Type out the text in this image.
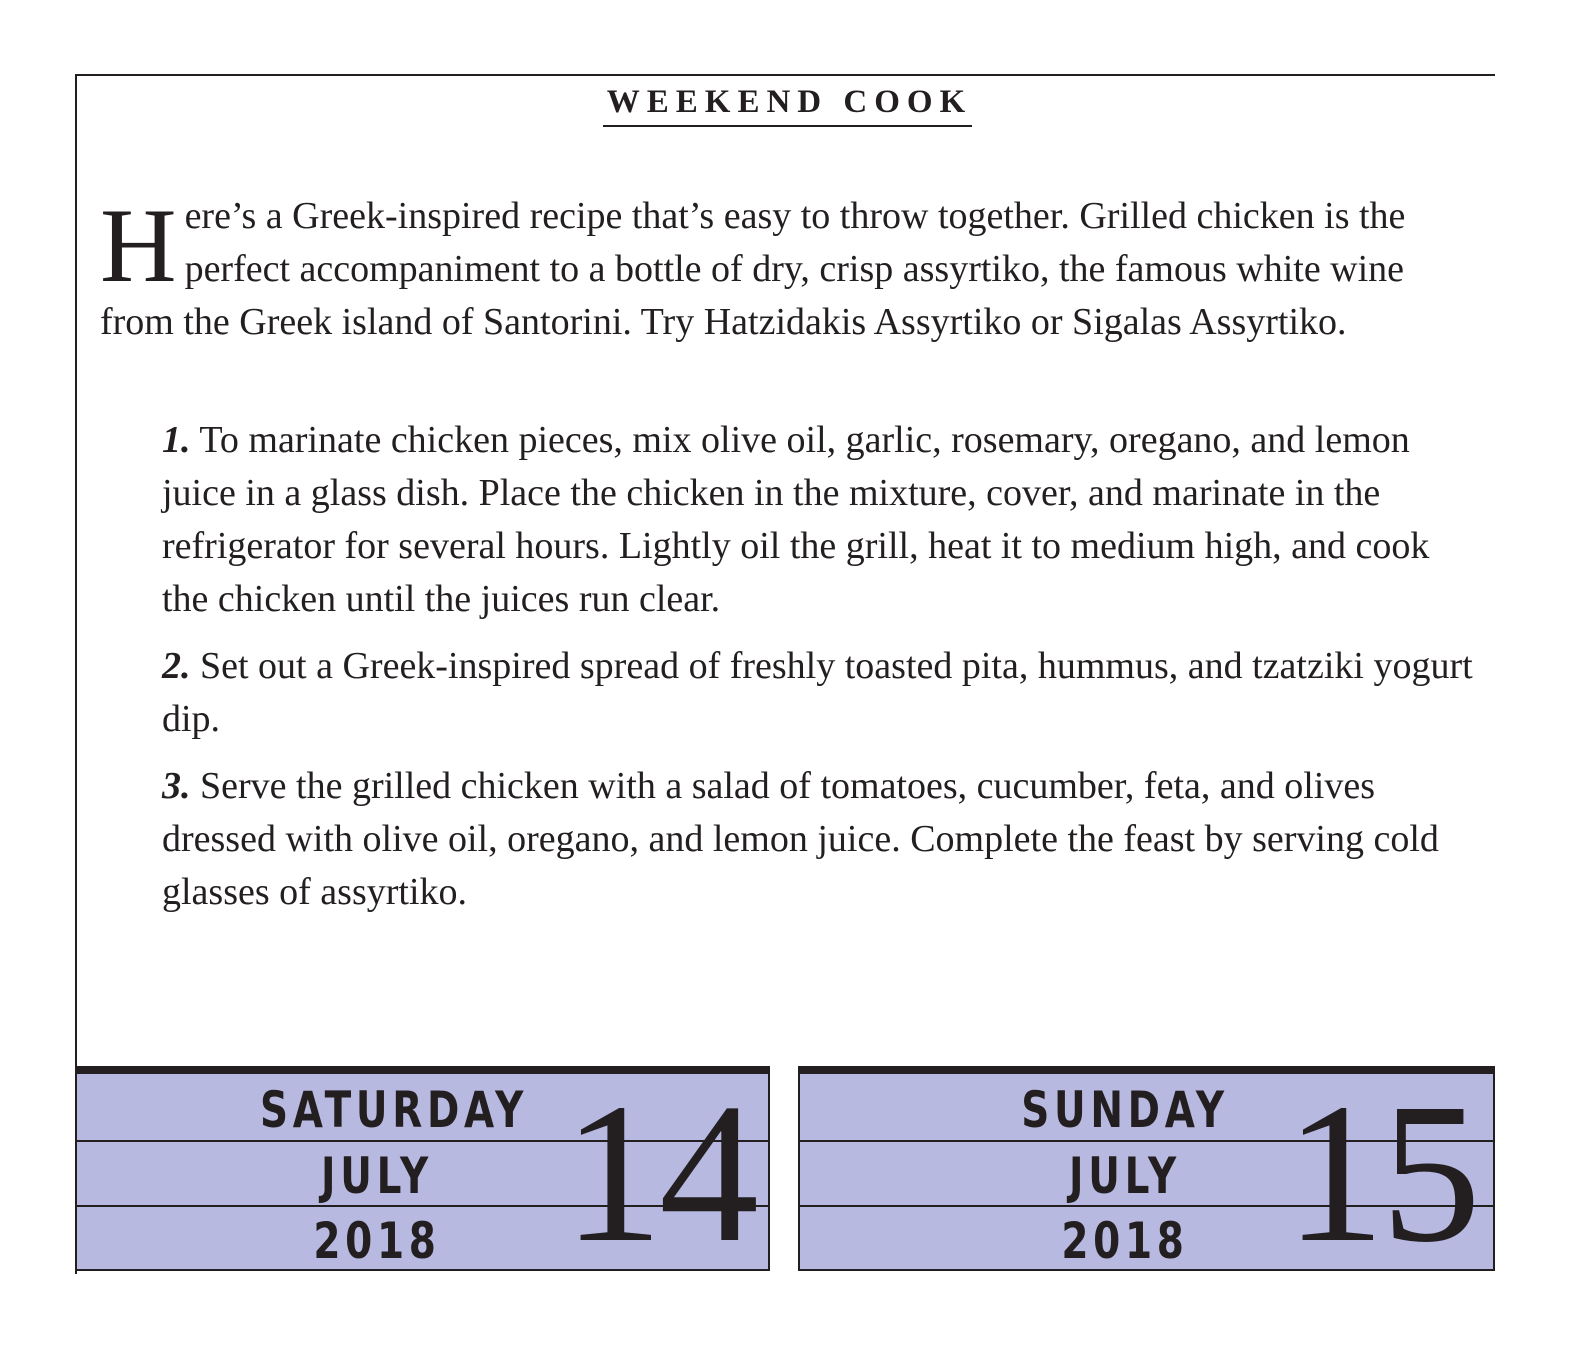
WEEKEND COOK

Here’s a Greek-inspired recipe that’s easy to throw together. Grilled chicken is the perfect accompaniment to a bottle of dry, crisp assyrtiko, the famous white wine from the Greek island of Santorini. Try Hatzidakis Assyrtiko or Sigalas Assyrtiko.

1. To marinate chicken pieces, mix olive oil, garlic, rosemary, oregano, and lemon juice in a glass dish. Place the chicken in the mixture, cover, and marinate in the refrigerator for several hours. Lightly oil the grill, heat it to medium high, and cook the chicken until the juices run clear.

2. Set out a Greek-inspired spread of freshly toasted pita, hummus, and tzatziki yogurt dip.

3. Serve the grilled chicken with a salad of tomatoes, cucumber, feta, and olives dressed with olive oil, oregano, and lemon juice. Complete the feast by serving cold glasses of assyrtiko.

SATURDAY
JULY
2018 14	SUNDAY
JULY
2018 15
